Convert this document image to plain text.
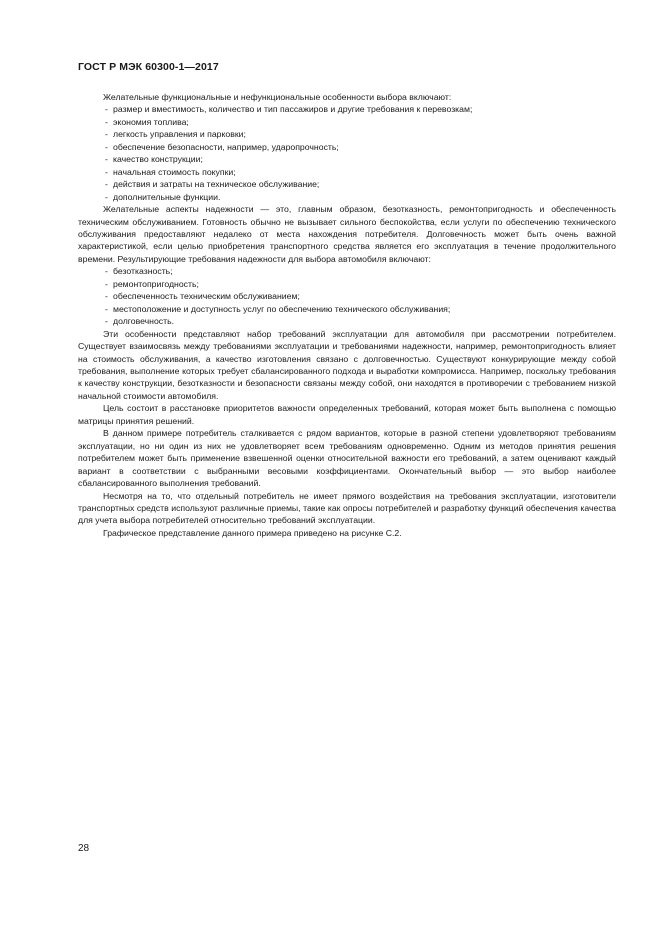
ГОСТ Р МЭК 60300-1—2017

Желательные функциональные и нефункциональные особенности выбора включают:

- размер и вместимость, количество и тип пассажиров и другие требования к перевозкам;
- экономия топлива;
- легкость управления и парковки;
- обеспечение безопасности, например, ударопрочность;
- качество конструкции;
- начальная стоимость покупки;
- действия и затраты на техническое обслуживание;
- дополнительные функции.

Желательные аспекты надежности — это, главным образом, безотказность, ремонтопригодность и обеспеченность техническим обслуживанием. Готовность обычно не вызывает сильного беспокойства, если услуги по обеспечению технического обслуживания предоставляют недалеко от места нахождения потребителя. Долговечность может быть очень важной характеристикой, если целью приобретения транспортного средства является его эксплуатация в течение продолжительного времени. Результирующие требования надежности для выбора автомобиля включают:

- безотказность;
- ремонтопригодность;
- обеспеченность техническим обслуживанием;
- местоположение и доступность услуг по обеспечению технического обслуживания;
- долговечность.

Эти особенности представляют набор требований эксплуатации для автомобиля при рассмотрении потребителем. Существует взаимосвязь между требованиями эксплуатации и требованиями надежности, например, ремонтопригодность влияет на стоимость обслуживания, а качество изготовления связано с долговечностью. Существуют конкурирующие между собой требования, выполнение которых требует сбалансированного подхода и выработки компромисса. Например, поскольку требования к качеству конструкции, безотказности и безопасности связаны между собой, они находятся в противоречии с требованием низкой начальной стоимости автомобиля.

Цель состоит в расстановке приоритетов важности определенных требований, которая может быть выполнена с помощью матрицы принятия решений.

В данном примере потребитель сталкивается с рядом вариантов, которые в разной степени удовлетворяют требованиям эксплуатации, но ни один из них не удовлетворяет всем требованиям одновременно. Одним из методов принятия решения потребителем может быть применение взвешенной оценки относительной важности его требований, а затем оценивают каждый вариант в соответствии с выбранными весовыми коэффициентами. Окончательный выбор — это выбор наиболее сбалансированного выполнения требований.

Несмотря на то, что отдельный потребитель не имеет прямого воздействия на требования эксплуатации, изготовители транспортных средств используют различные приемы, такие как опросы потребителей и разработку функций обеспечения качества для учета выбора потребителей относительно требований эксплуатации.

Графическое представление данного примера приведено на рисунке С.2.

28
